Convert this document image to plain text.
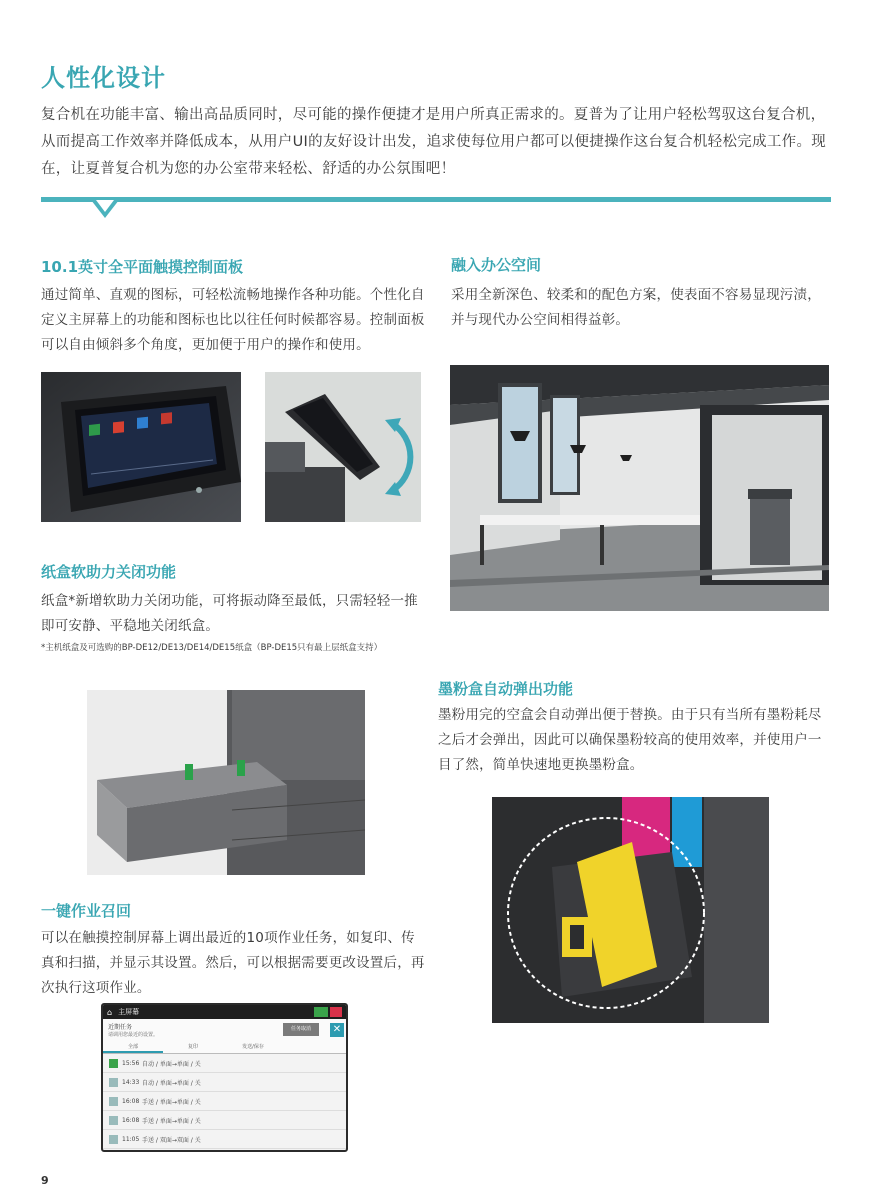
人性化设计
复合机在功能丰富、输出高品质同时，尽可能的操作便捷才是用户所真正需求的。夏普为了让用户轻松驾驭这台复合机，从而提高工作效率并降低成本，从用户UI的友好设计出发，追求使每位用户都可以便捷操作这台复合机轻松完成工作。现在，让夏普复合机为您的办公室带来轻松、舒适的办公氛围吧！
10.1英寸全平面触摸控制面板
通过简单、直观的图标，可轻松流畅地操作各种功能。个性化自定义主屏幕上的功能和图标也比以往任何时候都容易。控制面板可以自由倾斜多个角度，更加便于用户的操作和使用。
融入办公空间
采用全新深色、较柔和的配色方案，使表面不容易显现污渍，并与现代办公空间相得益彰。
纸盒软助力关闭功能
纸盒*新增软助力关闭功能，可将振动降至最低，只需轻轻一推即可安静、平稳地关闭纸盒。
*主机纸盒及可选购的BP-DE12/DE13/DE14/DE15纸盒（BP-DE15只有最上层纸盒支持）
墨粉盒自动弹出功能
墨粉用完的空盒会自动弹出便于替换。由于只有当所有墨粉耗尽之后才会弹出，因此可以确保墨粉较高的使用效率，并使用户一目了然，简单快速地更换墨粉盒。
一键作业召回
可以在触摸控制屏幕上调出最近的10项作业任务，如复印、传真和扫描，并显示其设置。然后，可以根据需要更改设置后，再次执行这项作业。
⌂ 主屏幕
近期任务
请调用您最近的设置。
任务取消	✕
全部	复印	发送/保存
15:56 自动 / 单面→单面 / 关
14:33 自动 / 单面→单面 / 关
16:08 手送 / 单面→单面 / 关
16:08 手送 / 单面→单面 / 关
11:05 手送 / 双面→双面 / 关
9
